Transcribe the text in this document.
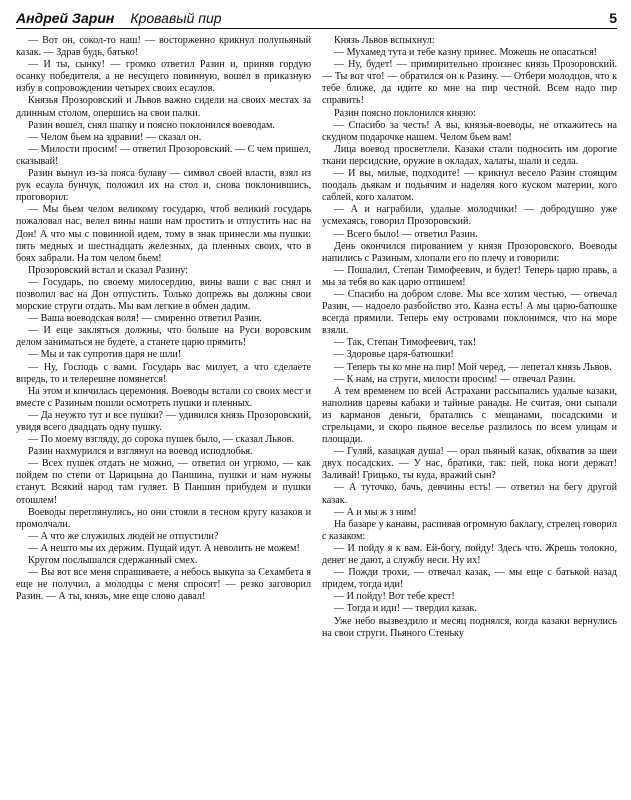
Андрей Зарин Кровавый пир	5

— Вот он, сокол-то наш! — восторженно крикнул полупьяный казак. — Здрав будь, батько!

— И ты, сынку! — громко ответил Разин и, приняв гордую осанку победителя, а не несущего повинную, вошел в приказную избу в сопровождении четырех своих есаулов.

Князья Прозоровский и Львов важно сидели на своих местах за длинным столом, опершись на свои палки.

Разин вошел, снял шапку и поясно поклонился воеводам.

— Челом бьем на здравии! — сказал он.

— Милости просим! — ответил Прозоровский. — С чем пришел, сказывай!

Разин вынул из-за пояса булаву — символ своей власти, взял из рук есаула бунчук, положил их на стол и, снова поклонившись, проговорил:

— Мы бьем челом великому государю, чтоб великий государь пожаловал нас, велел вины наши нам простить и отпустить нас на Дон! А что мы с повинной идем, тому в знак принесли мы пушки: пять медных и шестнадцать железных, да пленных своих, что в боях забрали. На том челом бьем!

Прозоровский встал и сказал Разину:

— Государь, по своему милосердию, вины ваши с вас снял и позволил вас на Дон отпустить. Только допрежь вы должны свои морские струги отдать. Мы вам легкие в обмен дадим.

— Ваша воеводская воля! — смиренно ответил Разин.

— И еще закляться должны, что больше на Руси воровским делом заниматься не будете, а станете царю прямить!

— Мы и так супротив царя не шли!

— Ну, Господь с вами. Государь вас милует, а что сделаете впредь, то и телерешне помянется!

На этом и кончилась церемония. Воеводы встали со своих мест и вместе с Разиным пошли осмотреть пушки и пленных.

— Да неужто тут и все пушки? — удивился князь Прозоровский, увидя всего двадцать одну пушку.

— По моему взгляду, до сорока пушек было, — сказал Львов.

Разин нахмурился и взглянул на воевод исподлобья.

— Всех пушек отдать не можно, — ответил он угрюмо, — как пойдем по степи от Царицына до Паншина, пушки и нам нужны станут. Всякий народ там гуляет. В Паншин прибудем и пушки отошлем!

Воеводы переглянулись, но они стояли в тесном кругу казаков и промолчали.

— А что же служилых людей не отпустили?

— А нешто мы их держим. Пущай идут. А неволить не можем!

Кругом послышался сдержанный смех.

— Вы вот все меня спрашиваете, а небось выкупа за Сехамбета я еще не получил, а молодцы с меня спросят! — резко заговорил Разин. — А ты, князь, мне еще слово давал!

Князь Львов вспыхнул:

— Мухамед тута и тебе казну принес. Можешь не опасаться!

— Ну, будет! — примирительно произнес князь Прозоровский. — Ты вот что! — обратился он к Разину. — Отбери молодцов, что к тебе ближе, да идите ко мне на пир честной. Всем надо пир справить!

Разин поясно поклонился князю:

— Спасибо за честь! А вы, князья-воеводы, не откажитесь на скудном подарочке нашем. Челом бьем вам!

Лица воевод просветлели. Казаки стали подносить им дорогие ткани персидские, оружие в окладах, халаты, шали и седла.

— И вы, милые, подходите! — крикнул весело Разин стоящим поодаль дьякам и подьячим и наделяя кого куском материи, кого саблей, кого халатом.

— А и награбили, удалые молодчики! — добродушно уже усмехаясь, говорил Прозоровский.

— Всего было! — ответил Разин.

День окончился пированием у князя Прозоровского. Воеводы напились с Разиным, хлопали его по плечу и говорили:

— Пошалил, Степан Тимофеевич, и будет! Теперь царю правь, а мы за тебя во как царю отпишем!

— Спасибо на добром слове. Мы все хотим честью, — отвечал Разин, — надоело разбойство это. Казна есть! А мы царю-батюшке всегда прямили. Теперь ему островами поклонимся, что на море взяли.

— Так, Степан Тимофеевич, так!

— Здоровье царя-батюшки!

— Теперь ты ко мне на пир! Мой черед, — лепетал князь Львов.

— К нам, на струги, милости просим! — отвечал Разин.

А тем временем по всей Астрахани рассыпались удалые казаки, наполнив царевы кабаки и тайные ранады. Не считая, они сыпали из карманов деньги, братались с мещанами, посадскими и стрельцами, и скоро пьяное веселье разлилось по всем улицам и площади.

— Гуляй, казацкая душа! — орал пьяный казак, обхватив за шеи двух посадских. — У нас, братики, так: пей, пока ноги держат! Заливай! Грицько, ты куда, вражий сын?

— А туточко, бачь, девчины есть! — ответил на бегу другой казак.

— А и мы ж з ним!

На базаре у канавы, распивая огромную баклагу, стрелец говорил с казаком:

— И пойду я к вам. Ей-богу, пойду! Здесь что. Жрешь толокно, денег не дают, а службу неси. Ну их!

— Пожди трохи, — отвечал казак, — мы еще с батькой назад придем, тогда иди!

— И пойду! Вот тебе крест!

— Тогда и иди! — твердил казак.

Уже небо вызвездило и месяц поднялся, когда казаки вернулись на свои струги. Пьяного Стеньку
